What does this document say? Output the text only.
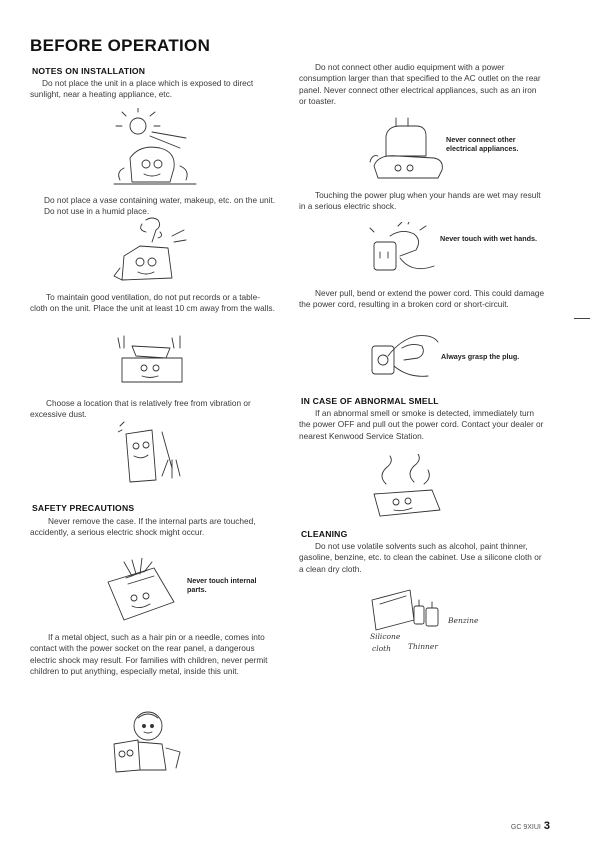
BEFORE OPERATION
NOTES ON INSTALLATION
Do not place the unit in a place which is exposed to direct sunlight, near a heating appliance, etc.
Do not place a vase containing water, makeup, etc. on the unit. Do not use in a humid place.
To maintain good ventilation, do not put records or a table-cloth on the unit. Place the unit at least 10 cm away from the walls.
Choose a location that is relatively free from vibration or excessive dust.
SAFETY PRECAUTIONS
Never remove the case. If the internal parts are touched, accidently, a serious electric shock might occur.
Never touch internal parts.
If a metal object, such as a hair pin or a needle, comes into contact with the power socket on the rear panel, a dangerous electric shock may result. For families with children, never permit children to put anything, especially metal, inside this unit.
Do not connect other audio equipment with a power consumption larger than that specified to the AC outlet on the rear panel. Never connect other electrical appliances, such as an iron or toaster.
Never connect other electrical appliances.
Touching the power plug when your hands are wet may result in a serious electric shock.
Never touch with wet hands.
Never pull, bend or extend the power cord. This could damage the power cord, resulting in a broken cord or short-circuit.
Always grasp the plug.
IN CASE OF ABNORMAL SMELL
If an abnormal smell or smoke is detected, immediately turn the power OFF and pull out the power cord. Contact your dealer or nearest Kenwood Service Station.
CLEANING
Do not use volatile solvents such as alcohol, paint thinner, gasoline, benzine, etc. to clean the cabinet. Use a silicone cloth or a clean dry cloth.
Benzine
Silicone
cloth Thinner
GC 9XIUI 3
